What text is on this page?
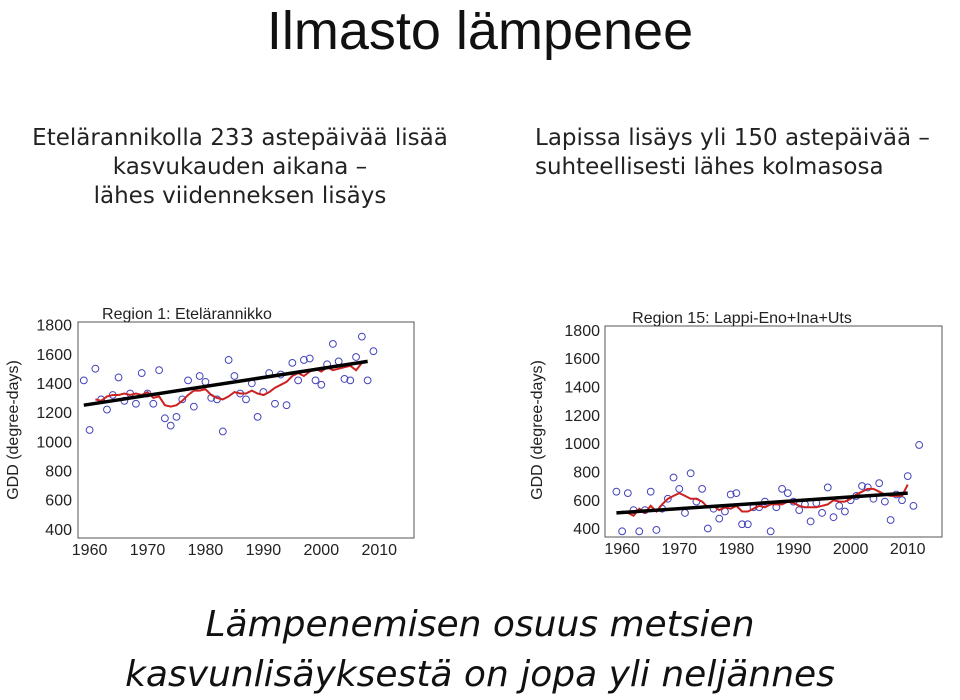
Ilmasto lämpenee
Etelärannikolla 233 astepäivää lisää
kasvukauden aikana –
lähes viidenneksen lisäys
Lapissa lisäys yli 150 astepäivää –
suhteellisesti lähes kolmasosa
Region 1: Etelärannikko
GDD (degree-days)
400
600
800
1000
1200
1400
1600
1800
1960 1970 1980 1990 2000 2010
Region 15: Lappi-Eno+Ina+Uts
GDD (degree-days)
400
600
800
1000
1200
1400
1600
1800
1960 1970 1980 1990 2000 2010
Lämpenemisen osuus metsien
kasvunlisäyksestä on jopa yli neljännes
